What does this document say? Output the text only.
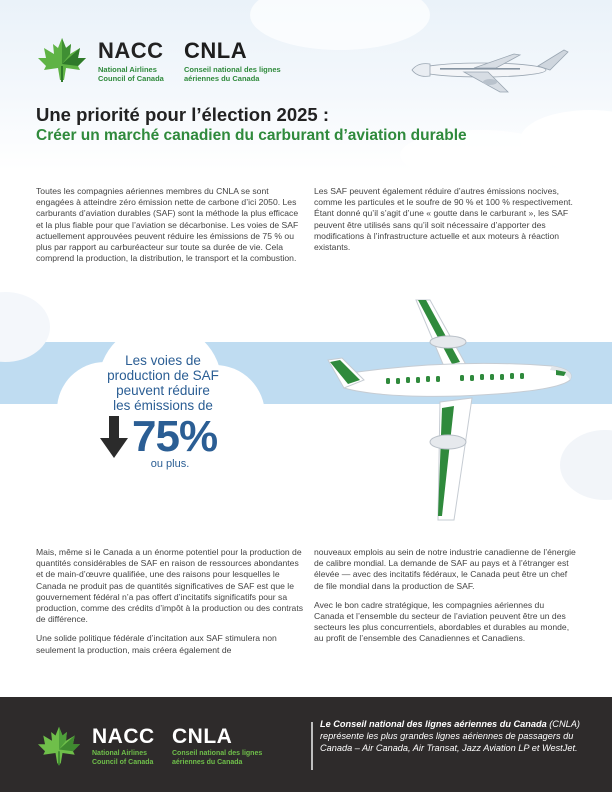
NACC CNLA
National Airlines
Council of Canada
Conseil national des lignes
aériennes du Canada
Une priorité pour l’élection 2025 :
Créer un marché canadien du carburant d’aviation durable

Toutes les compagnies aériennes membres du CNLA se sont engagées à atteindre zéro émission nette de carbone d’ici 2050. Les carburants d’aviation durables (SAF) sont la méthode la plus efficace et la plus fiable pour que l’aviation se décarbonise. Les voies de SAF actuellement approuvées peuvent réduire les émissions de 75 % ou plus par rapport au carburéacteur sur toute sa durée de vie. Cela comprend la production, la distribution, le transport et la combustion.

Les SAF peuvent également réduire d’autres émissions nocives, comme les particules et le soufre de 90 % et 100 % respectivement. Étant donné qu’il s’agit d’une « goutte dans le carburant », les SAF peuvent être utilisés sans qu’il soit nécessaire d’apporter des modifications à l’infrastructure actuelle et aux moteurs à réaction existants.

Les voies de
production de SAF
peuvent réduire
les émissions de
75%
ou plus.

Mais, même si le Canada a un énorme potentiel pour la production de quantités considérables de SAF en raison de ressources abondantes et de main-d’œuvre qualifiée, une des raisons pour lesquelles le Canada ne produit pas de quantités significatives de SAF est que le gouvernement fédéral n’a pas offert d’incitatifs significatifs pour sa production, comme des crédits d’impôt à la production ou des contrats de différence.

Une solide politique fédérale d’incitation aux SAF stimulera non seulement la production, mais créera également de

nouveaux emplois au sein de notre industrie canadienne de l’énergie de calibre mondial. La demande de SAF au pays et à l’étranger est élevée — avec des incitatifs fédéraux, le Canada peut être un chef de file mondial dans la production de SAF.

Avec le bon cadre stratégique, les compagnies aériennes du Canada et l’ensemble du secteur de l’aviation peuvent être un des secteurs les plus concurrentiels, abordables et durables au monde, au profit de l’ensemble des Canadiennes et Canadiens.

NACC CNLA
National Airlines
Council of Canada
Conseil national des lignes
aériennes du Canada
Le Conseil national des lignes aériennes du Canada (CNLA) représente les plus grandes lignes aériennes de passagers du Canada – Air Canada, Air Transat, Jazz Aviation LP et WestJet.
